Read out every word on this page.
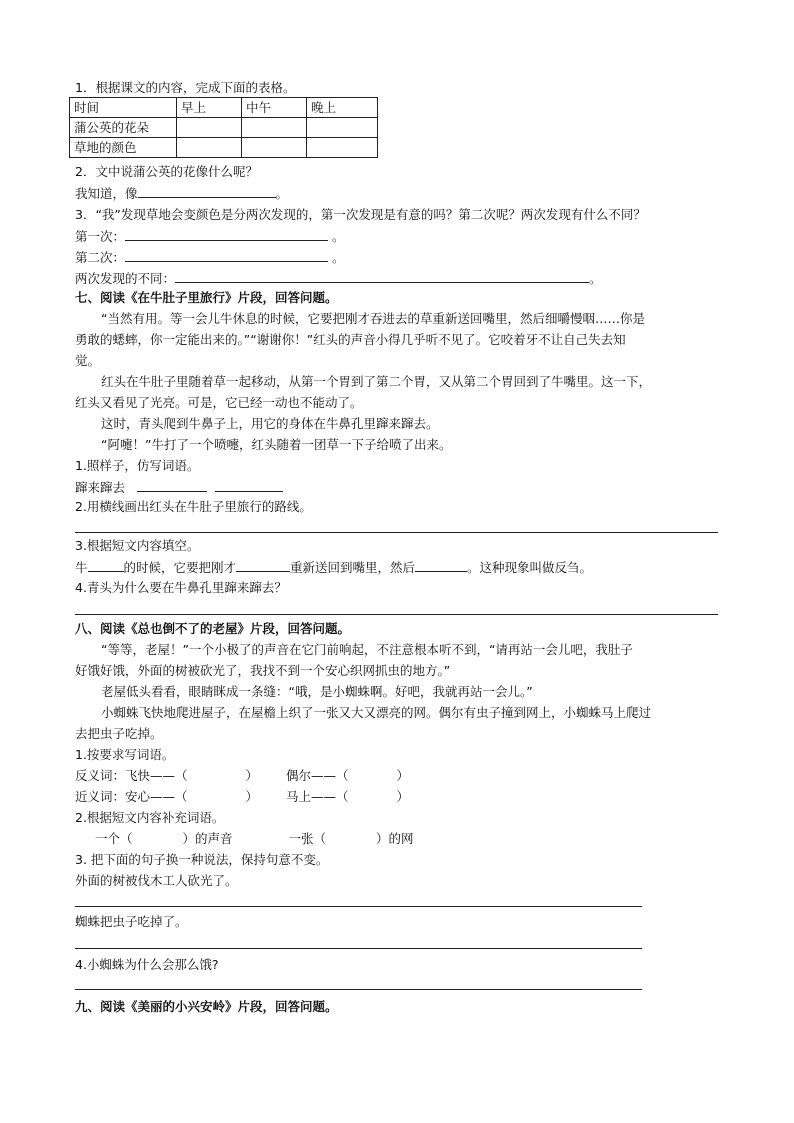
1．根据课文的内容，完成下面的表格。
时间	早上	中午	晚上
蒲公英的花朵			
草地的颜色			
2．文中说蒲公英的花像什么呢？
我知道，像	。
3．“我”发现草地会变颜色是分两次发现的，第一次发现是有意的吗？第二次呢？两次发现有什么不同？
第一次：	。
第二次：	。
两次发现的不同：	。
七、阅读《在牛肚子里旅行》片段，回答问题。
“当然有用。等一会儿牛休息的时候，它要把刚才吞进去的草重新送回嘴里，然后细嚼慢咽……你是
勇敢的蟋蟀，你一定能出来的。”“谢谢你！”红头的声音小得几乎听不见了。它咬着牙不让自己失去知
觉。
红头在牛肚子里随着草一起移动，从第一个胃到了第二个胃，又从第二个胃回到了牛嘴里。这一下，
红头又看见了光亮。可是，它已经一动也不能动了。
这时，青头爬到牛鼻子上，用它的身体在牛鼻孔里蹿来蹿去。
“阿嚏！”牛打了一个喷嚏，红头随着一团草一下子给喷了出来。
1.照样子，仿写词语。
蹿来蹿去
2.用横线画出红头在牛肚子里旅行的路线。
3.根据短文内容填空。
牛	的时候，它要把刚才	重新送回到嘴里，然后	。这种现象叫做反刍。
4.青头为什么要在牛鼻孔里蹿来蹿去？
八、阅读《总也倒不了的老屋》片段，回答问题。
“等等，老屋！”一个小极了的声音在它门前响起，不注意根本听不到，“请再站一会儿吧，我肚子
好饿好饿，外面的树被砍光了，我找不到一个安心织网抓虫的地方。”
老屋低头看看，眼睛眯成一条缝：“哦，是小蜘蛛啊。好吧，我就再站一会儿。”
小蜘蛛飞快地爬进屋子，在屋檐上织了一张又大又漂亮的网。偶尔有虫子撞到网上，小蜘蛛马上爬过
去把虫子吃掉。
1.按要求写词语。
反义词：飞快——（	） 偶尔——（	）
近义词：安心——（	） 马上——（	）
2.根据短文内容补充词语。
一个（	）的声音	一张（	）的网
3. 把下面的句子换一种说法，保持句意不变。
外面的树被伐木工人砍光了。
蜘蛛把虫子吃掉了。
4.小蜘蛛为什么会那么饿?
九、阅读《美丽的小兴安岭》片段，回答问题。
